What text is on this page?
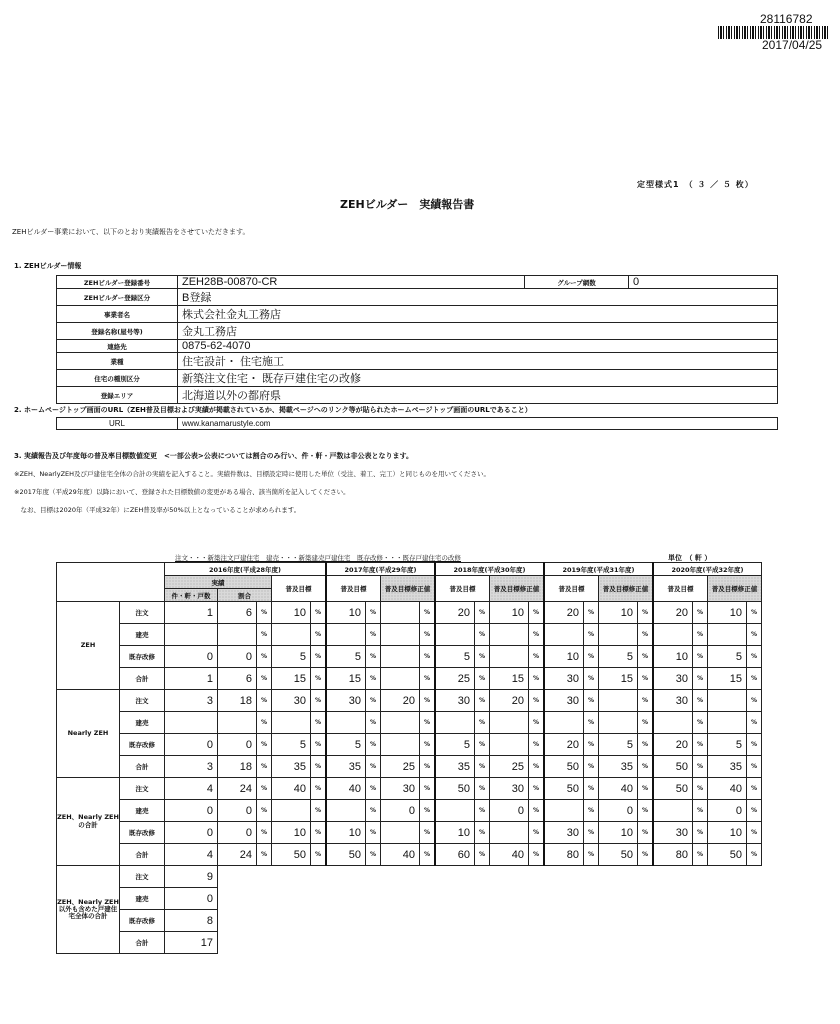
28116782
2017/04/25
定型様式1　（ ３ ／ ５ 枚）
ZEHビルダー　実績報告書
ZEHビルダー事業において、以下のとおり実績報告をさせていただきます。
1. ZEHビルダー情報
ZEHビルダー登録番号	ZEH28B-00870-CR	グループ網数	0
ZEHビルダー登録区分	B登録		
事業者名	株式会社金丸工務店		
登録名称(屋号等)	金丸工務店		
連絡先	0875-62-4070		
業種	住宅設計・ 住宅施工		
住宅の種別区分	新築注文住宅・ 既存戸建住宅の改修		
登録エリア	北海道以外の都府県		
2. ホームページトップ画面のURL（ZEH普及目標および実績が掲載されているか、掲載ページへのリンク等が貼られたホームページトップ画面のURLであること）
URL	www.kanamarustyle.com
3. 実績報告及び年度毎の普及率目標数値変更　<一部公表>公表については割合のみ行い、件・軒・戸数は非公表となります。
※ZEH、NearlyZEH及び戸建住宅全体の合計の実績を記入すること。実績件数は、目標設定時に使用した単位（受注、着工、完工）と同じものを用いてください。
※2017年度（平成29年度）以降において、登録された目標数値の変更がある場合、該当箇所を記入してください。
　なお、目標は2020年（平成32年）にZEH普及率が50%以上となっていることが求められます。
注文・・・新築注文戸建住宅　建売・・・新築建売戸建住宅　既存改修・・・既存戸建住宅の改修	単位　（ 軒 ）
		2016年度(平成28年度)					2017年度(平成29年度)				2018年度(平成30年度)				2019年度(平成31年度)				2020年度(平成32年度)			
		実績			普及目標		普及目標		普及目標修正値		普及目標		普及目標修正値		普及目標		普及目標修正値		普及目標		普及目標修正値	
		件・軒・戸数	割合																			
ZEH	注文	1	6	%	10	%	10	%		%	20	%	10	%	20	%	10	%	20	%	10	%
	建売			%		%		%		%		%		%		%		%		%		%
	既存改修	0	0	%	5	%	5	%		%	5	%		%	10	%	5	%	10	%	5	%
	合計	1	6	%	15	%	15	%		%	25	%	15	%	30	%	15	%	30	%	15	%
Nearly ZEH	注文	3	18	%	30	%	30	%	20	%	30	%	20	%	30	%		%	30	%		%
	建売			%		%		%		%		%		%		%		%		%		%
	既存改修	0	0	%	5	%	5	%		%	5	%		%	20	%	5	%	20	%	5	%
	合計	3	18	%	35	%	35	%	25	%	35	%	25	%	50	%	35	%	50	%	35	%
ZEH、Nearly ZEH の合計	注文	4	24	%	40	%	40	%	30	%	50	%	30	%	50	%	40	%	50	%	40	%
	建売	0	0	%		%		%	0	%		%	0	%		%	0	%		%	0	%
	既存改修	0	0	%	10	%	10	%		%	10	%		%	30	%	10	%	30	%	10	%
	合計	4	24	%	50	%	50	%	40	%	60	%	40	%	80	%	50	%	80	%	50	%
ZEH、Nearly ZEH以外も含めた戸建住宅全体の合計	注文	9																				
	建売	0																				
	既存改修	8																				
	合計	17																				
